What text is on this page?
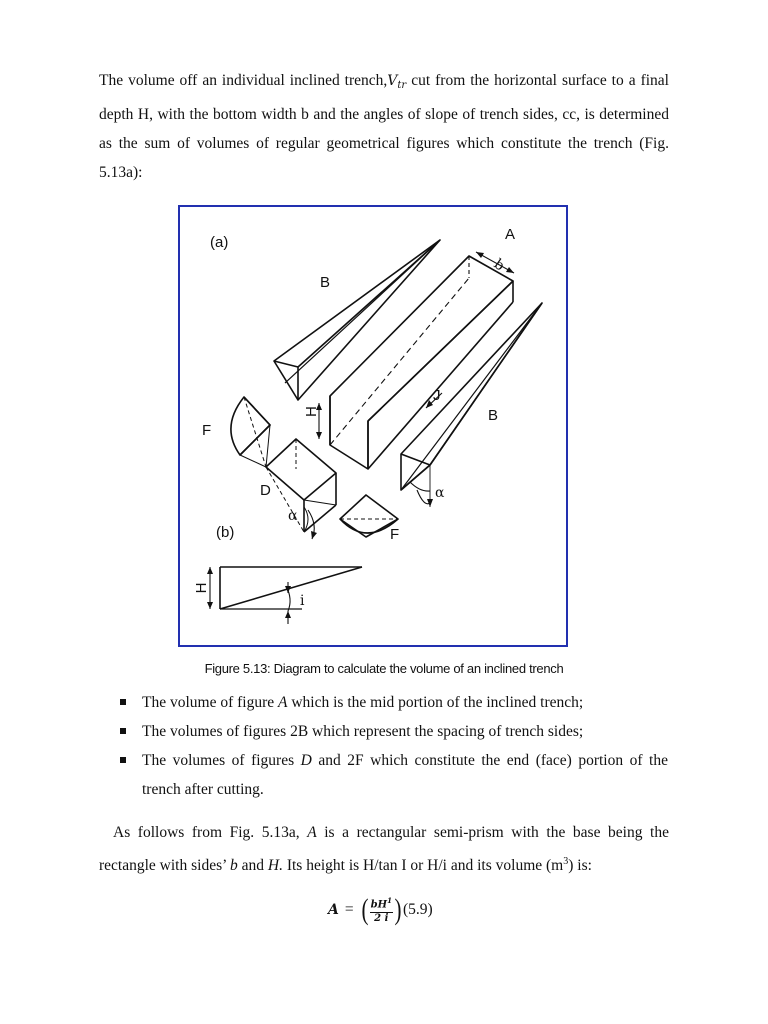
The volume off an individual inclined $trench,V_{tr}$ cut from the horizontal surface to a final depth H, with the bottom width b and the angles of slope of trench sides, cc, is determined as the sum of volumes of regular geometrical figures which constitute the trench (Fig. 5.13a):

(a)	A
b
B
B
H
J
F
D
α
α
F
(b)
H
i
Figure 5.13: Diagram to calculate the volume of an inclined trench
The volume of figure A which is the mid portion of the inclined trench;
The volumes of figures 2B which represent the spacing of trench sides;
The volumes of figures D and 2F which constitute the end (face) portion of the trench after cutting.

As follows from Fig. 5.13a, A is a rectangular semi-prism with the base being the rectangle with sides’ b and H. Its height is H/tan I or H/i and its volume $(m^3)$ is:

A = ( $\frac{bH^1}{2 i}$ ) (5.9)
